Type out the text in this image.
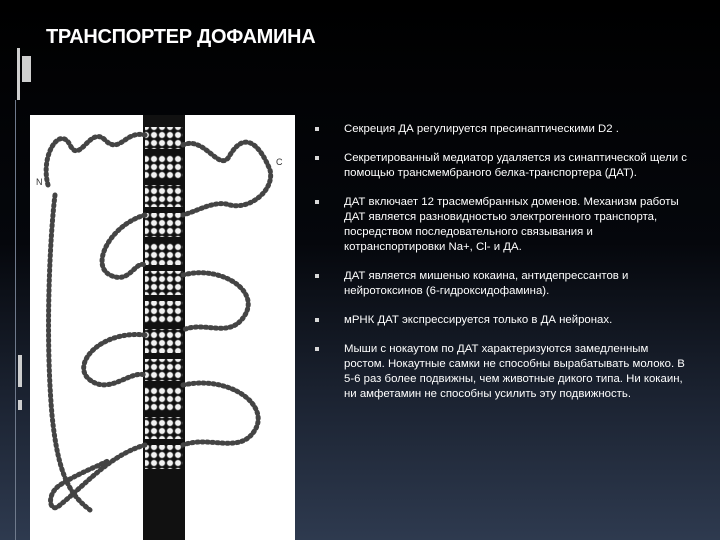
ТРАНСПОРТЕР ДОФАМИНА
N
C
Секреция ДА регулируется пресинаптическими D2 .
Секретированный медиатор удаляется из синаптической щели с помощью трансмембраного белка-транспортера (ДАТ).
ДАТ включает 12 трасмембранных доменов. Механизм работы ДАТ является разновидностью электрогенного транспорта, посредством последовательного связывания и котранспортировки Na+, Cl- и ДА.
ДАТ является мишенью кокаина, антидепрессантов и нейротоксинов (6-гидроксидофамина).
мРНК ДАТ экспрессируется только в ДА нейронах.
Мыши с нокаутом по ДАТ характеризуются замедленным ростом. Нокаутные самки не способны вырабатывать молоко. В 5-6 раз более подвижны, чем животные дикого типа. Ни кокаин, ни амфетамин не способны усилить эту подвижность.
